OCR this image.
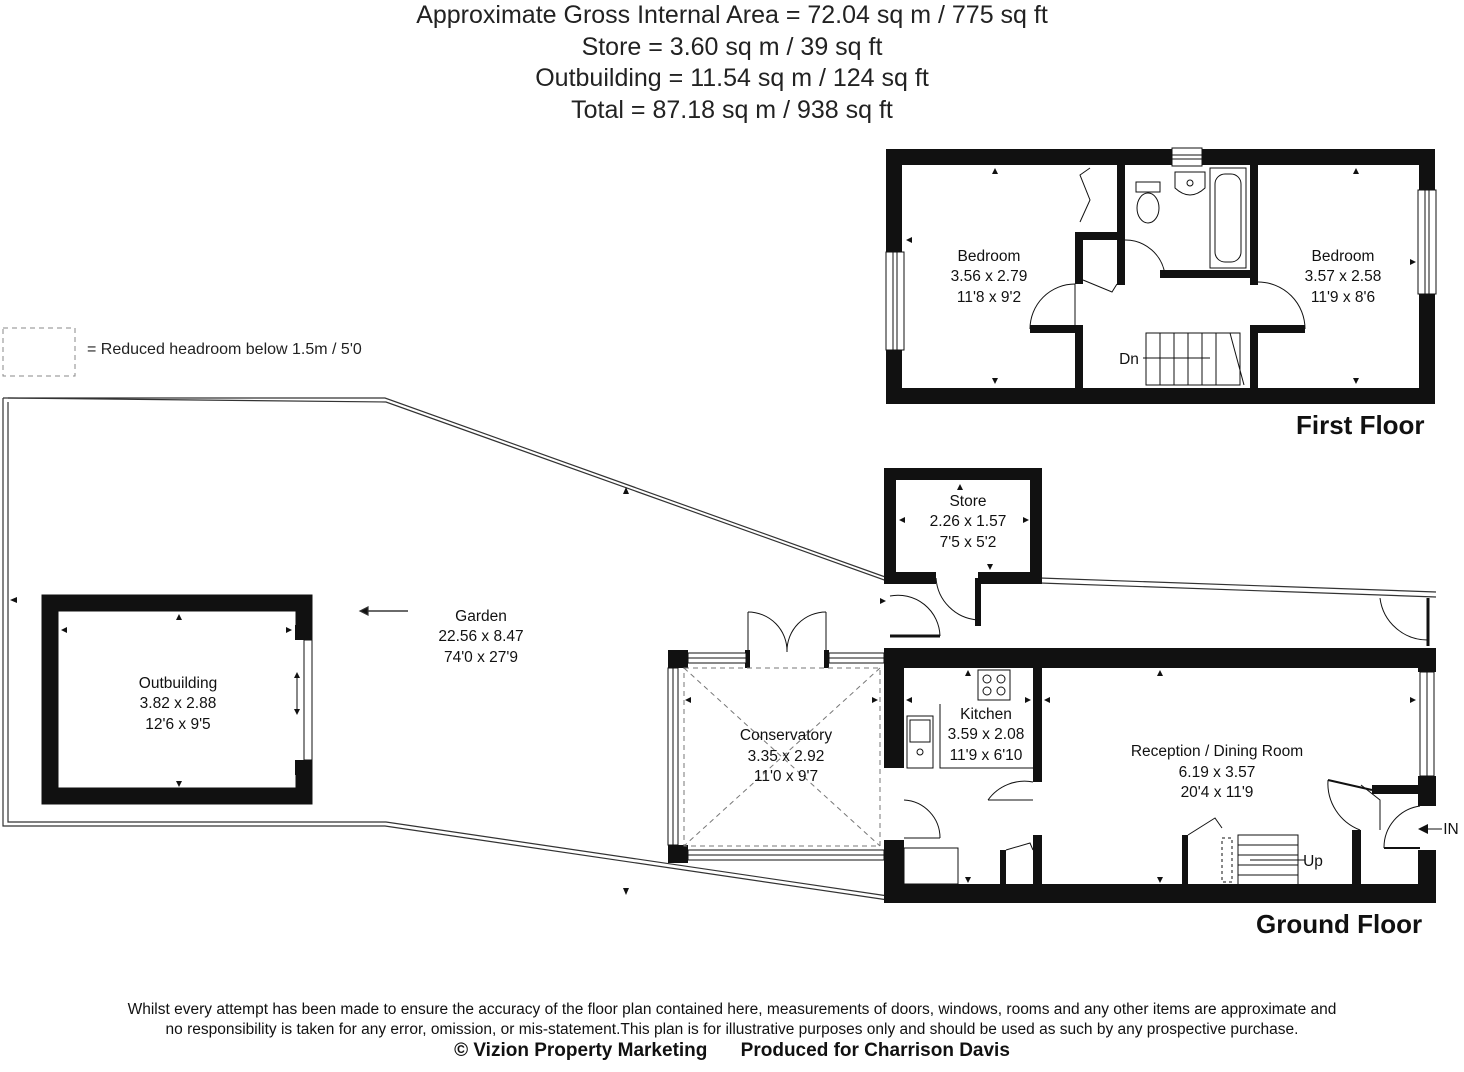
Approximate Gross Internal Area = 72.04 sq m / 775 sq ft
Store = 3.60 sq m / 39 sq ft
Outbuilding = 11.54 sq m / 124 sq ft
Total = 87.18 sq m / 938 sq ft
Bedroom
3.56 x 2.79
11'8 x 9'2
Bedroom
3.57 x 2.58
11'9 x 8'6
Store
2.26 x 1.57
7'5 x 5'2
Garden
22.56 x 8.47
74'0 x 27'9
Outbuilding
3.82 x 2.88
12'6 x 9'5
Conservatory
3.35 x 2.92
11'0 x 9'7
Kitchen
3.59 x 2.08
11'9 x 6'10	Reception / Dining Room
6.19 x 3.57
20'4 x 11'9
Dn
Up
IN
= Reduced headroom below 1.5m / 5'0
First Floor
Ground Floor
Whilst every attempt has been made to ensure the accuracy of the floor plan contained here, measurements of doors, windows, rooms and any other items are approximate and
no responsibility is taken for any error, omission, or mis-statement.This plan is for illustrative purposes only and should be used as such by any prospective purchase.
© Vizion Property Marketing Produced for Charrison Davis
